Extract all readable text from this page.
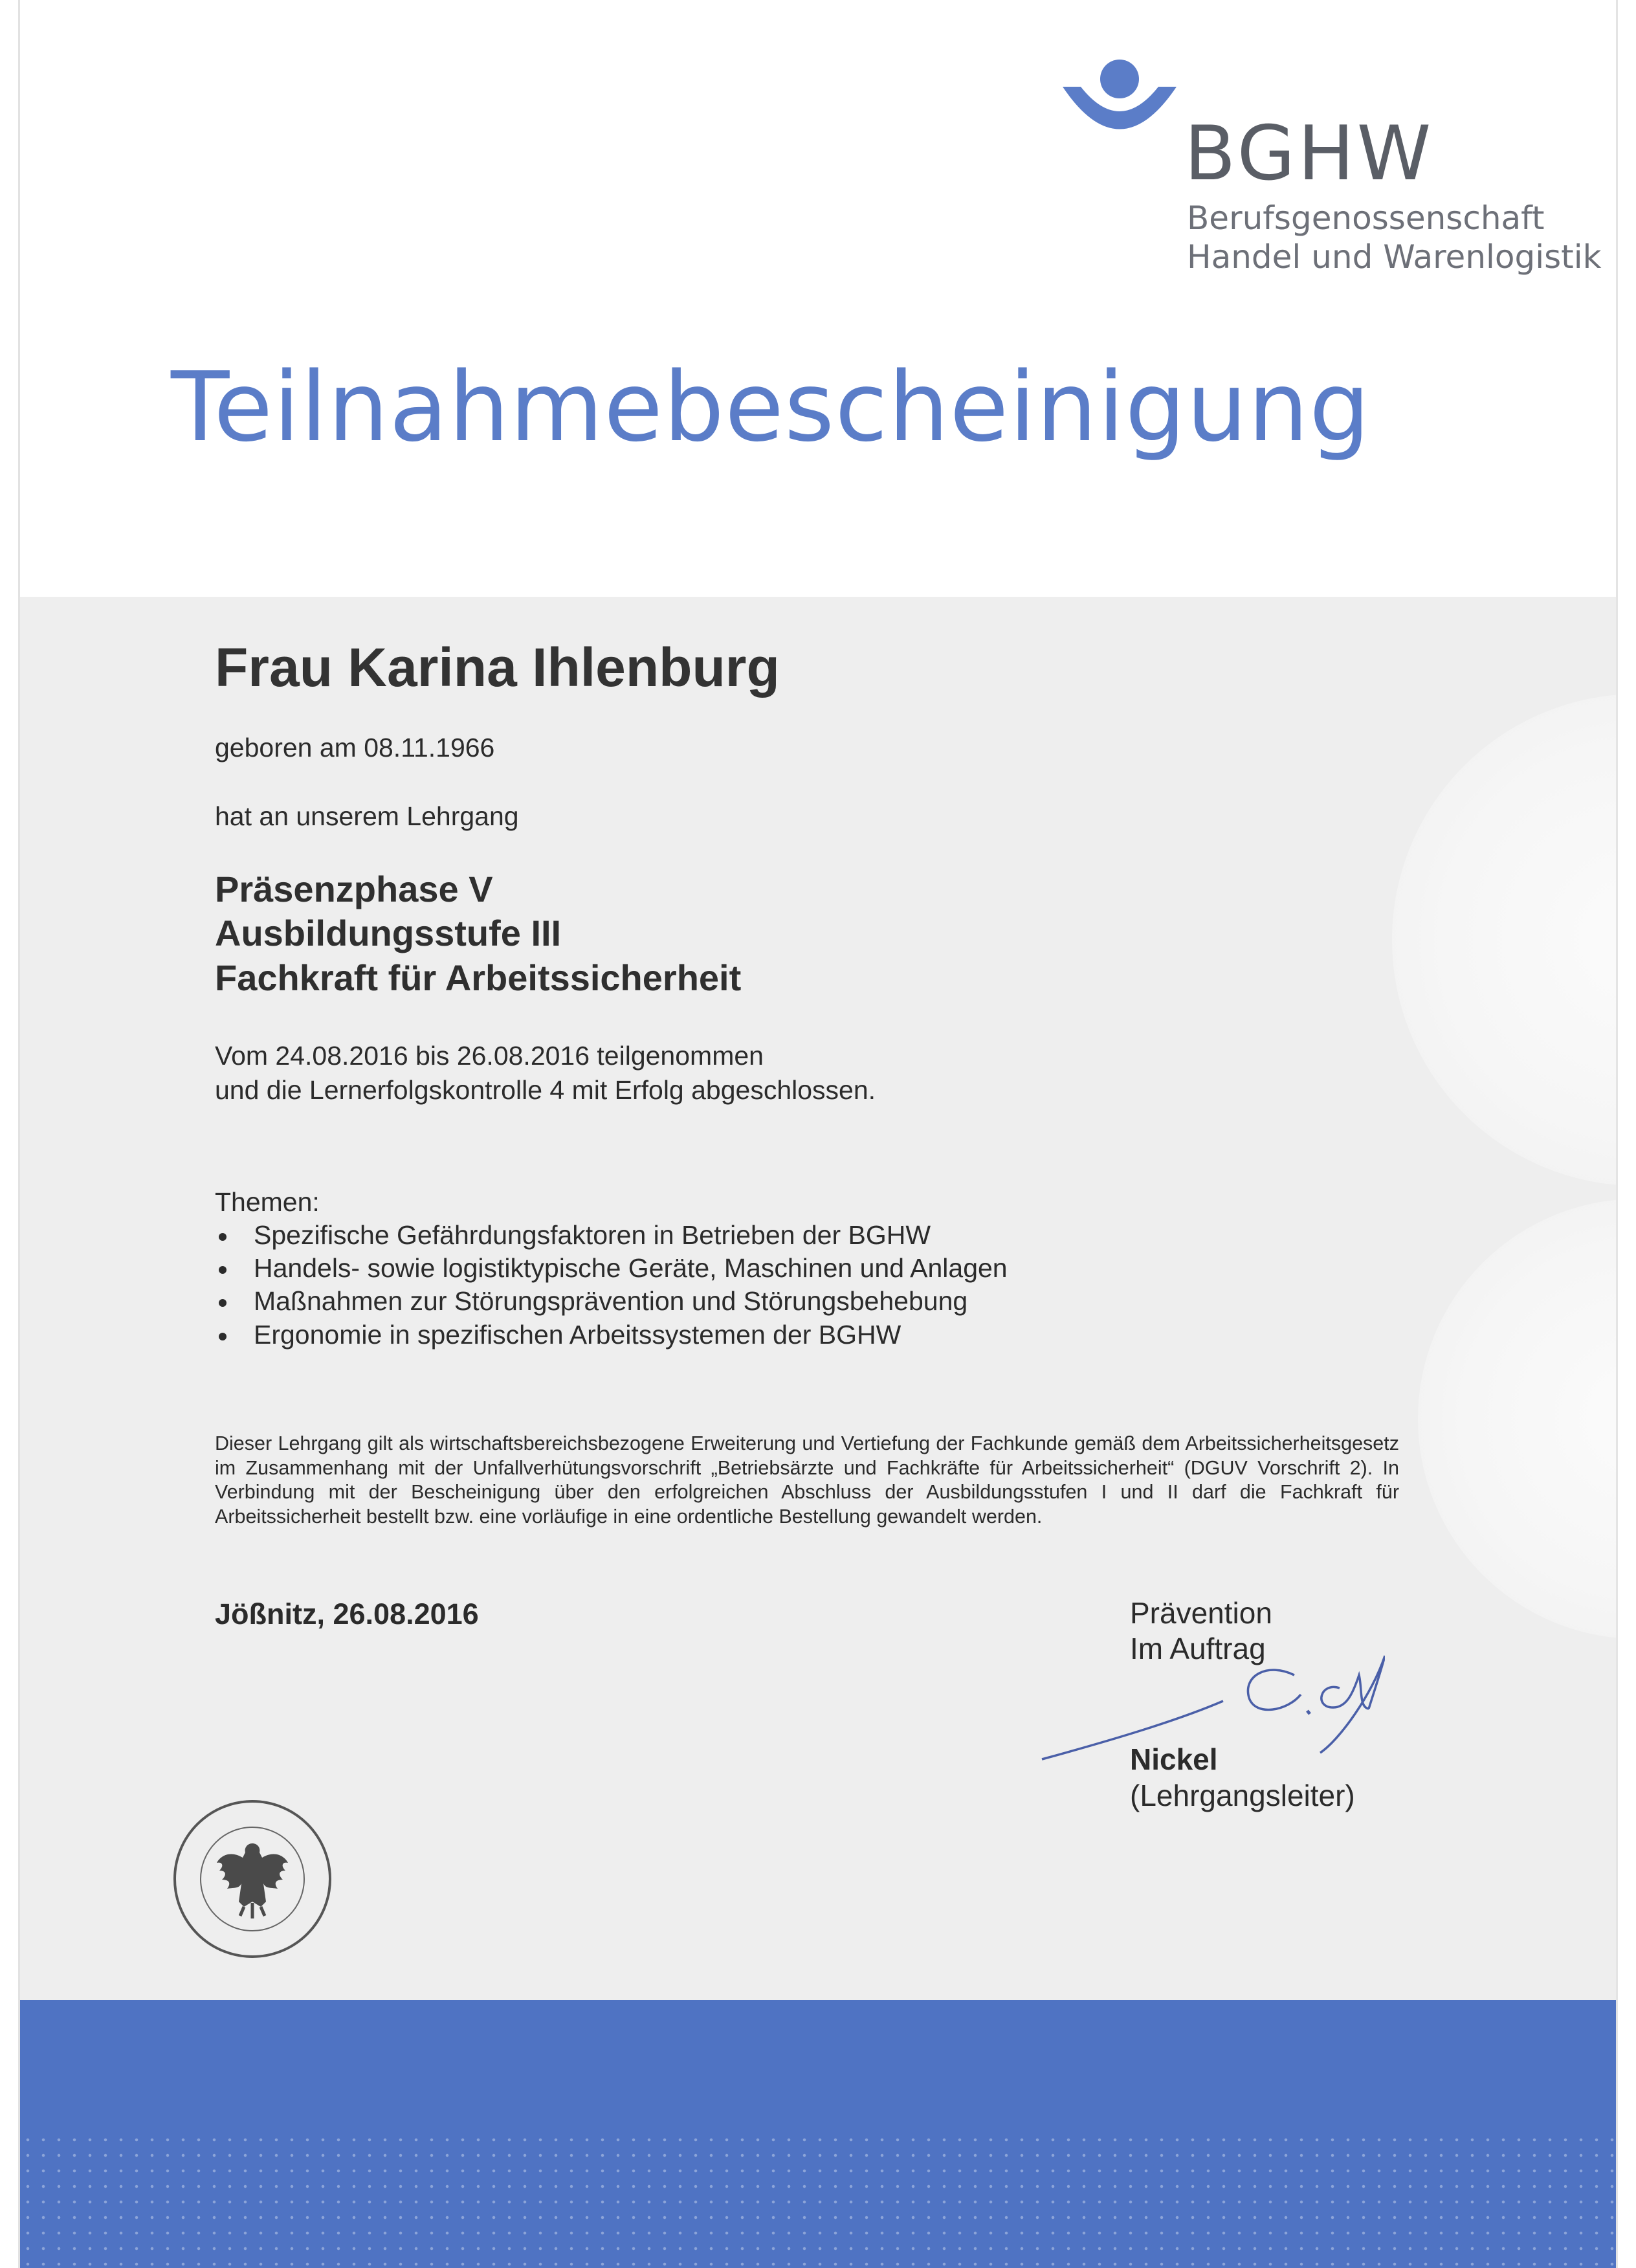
BGHW
Berufsgenossenschaft
Handel und Warenlogistik
Teilnahmebescheinigung

Frau Karina Ihlenburg

geboren am 08.11.1966

hat an unserem Lehrgang

Präsenzphase V

Ausbildungsstufe III

Fachkraft für Arbeitssicherheit

Vom 24.08.2016 bis 26.08.2016 teilgenommen

und die Lernerfolgskontrolle 4 mit Erfolg abgeschlossen.

Themen:

Spezifische Gefährdungsfaktoren in Betrieben der BGHW
Handels- sowie logistiktypische Geräte, Maschinen und Anlagen
Maßnahmen zur Störungsprävention und Störungsbehebung
Ergonomie in spezifischen Arbeitssystemen der BGHW

Dieser Lehrgang gilt als wirtschaftsbereichsbezogene Erweiterung und Vertiefung der Fachkunde gemäß dem Arbeitssicherheitsgesetz im Zusammenhang mit der Unfallverhütungsvorschrift „Betriebsärzte und Fachkräfte für Arbeitssicherheit“ (DGUV Vorschrift 2). In Verbindung mit der Bescheinigung über den erfolgreichen Abschluss der Ausbildungsstufen I und II darf die Fachkraft für Arbeitssicherheit bestellt bzw. eine vorläufige in eine ordentliche Bestellung gewandelt werden.

Jößnitz, 26.08.2016	Prävention

Im Auftrag

Nickel

(Lehrgangsleiter)
